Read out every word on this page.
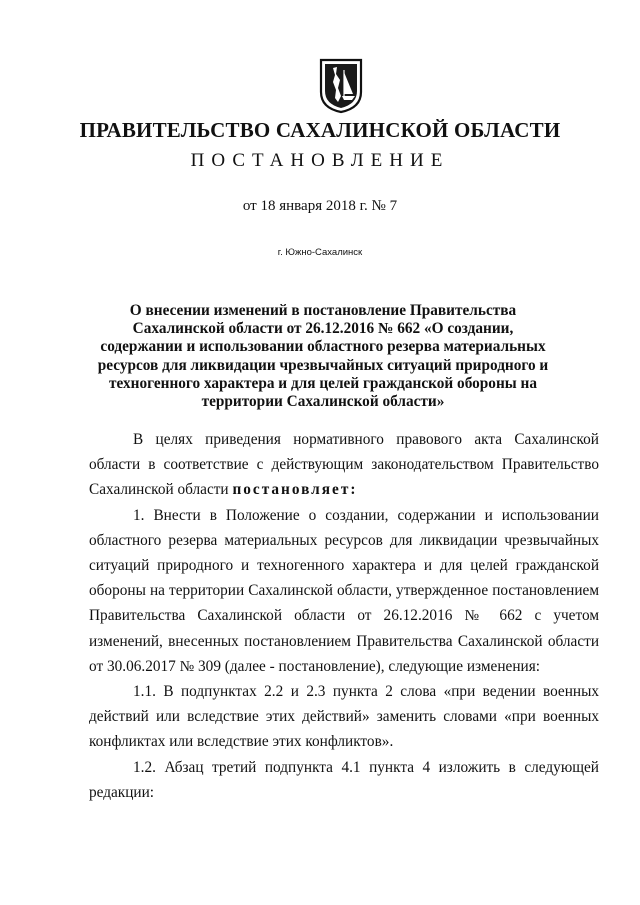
ПРАВИТЕЛЬСТВО САХАЛИНСКОЙ ОБЛАСТИ
ПОСТАНОВЛЕНИЕ
от 18 января 2018 г. № 7
г. Южно-Сахалинск
О внесении изменений в постановление Правительства Сахалинской области от 26.12.2016 № 662 «О создании, содержании и использовании областного резерва материальных ресурсов для ликвидации чрезвычайных ситуаций природного и техногенного характера и для целей гражданской обороны на территории Сахалинской области»

В целях приведения нормативного правового акта Сахалинской области в соответствие с действующим законодательством Правительство Сахалинской области постановляет:

1. Внести в Положение о создании, содержании и использовании областного резерва материальных ресурсов для ликвидации чрезвычайных ситуаций природного и техногенного характера и для целей гражданской обороны на территории Сахалинской области, утвержденное постановлением Правительства Сахалинской области от 26.12.2016 № 662 с учетом изменений, внесенных постановлением Правительства Сахалинской области от 30.06.2017 № 309 (далее - постановление), следующие изменения:

1.1. В подпунктах 2.2 и 2.3 пункта 2 слова «при ведении военных действий или вследствие этих действий» заменить словами «при военных конфликтах или вследствие этих конфликтов».

1.2. Абзац третий подпункта 4.1 пункта 4 изложить в следующей редакции:
